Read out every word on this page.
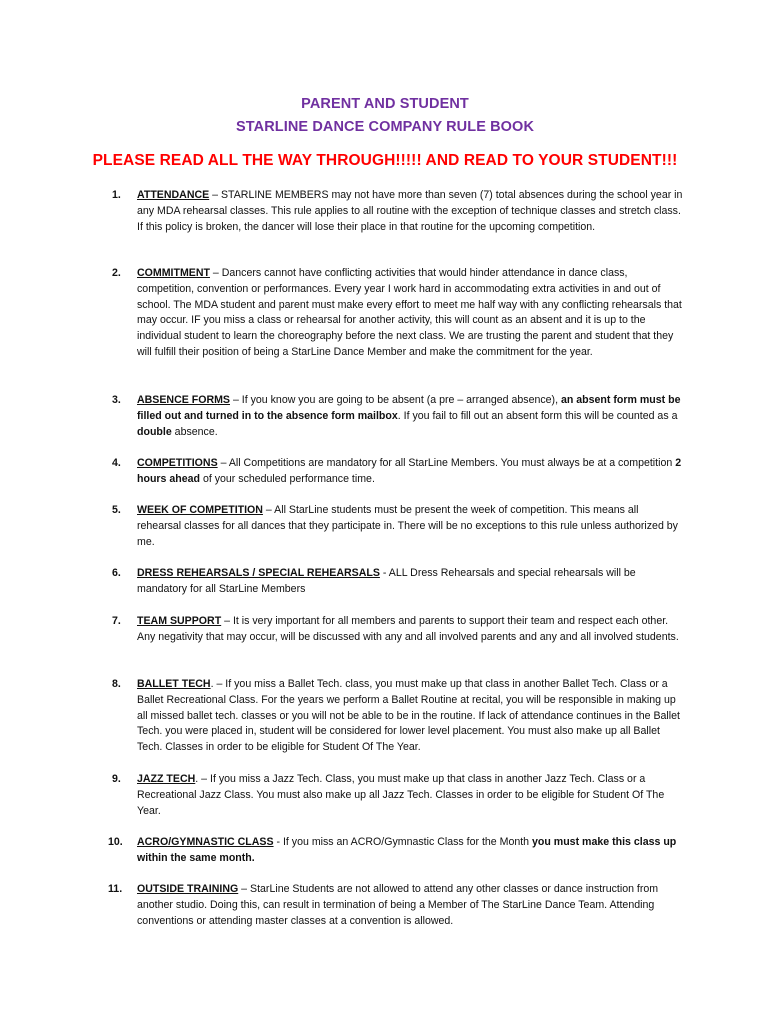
PARENT AND STUDENT
STARLINE DANCE COMPANY RULE BOOK
PLEASE READ ALL THE WAY THROUGH!!!!! AND READ TO YOUR STUDENT!!!
1. ATTENDANCE – STARLINE MEMBERS may not have more than seven (7) total absences during the school year in any MDA rehearsal classes. This rule applies to all routine with the exception of technique classes and stretch class. If this policy is broken, the dancer will lose their place in that routine for the upcoming competition.
2. COMMITMENT – Dancers cannot have conflicting activities that would hinder attendance in dance class, competition, convention or performances. Every year I work hard in accommodating extra activities in and out of school. The MDA student and parent must make every effort to meet me half way with any conflicting rehearsals that may occur. IF you miss a class or rehearsal for another activity, this will count as an absent and it is up to the individual student to learn the choreography before the next class. We are trusting the parent and student that they will fulfill their position of being a StarLine Dance Member and make the commitment for the year.
3. ABSENCE FORMS – If you know you are going to be absent (a pre – arranged absence), an absent form must be filled out and turned in to the absence form mailbox. If you fail to fill out an absent form this will be counted as a double absence.
4. COMPETITIONS – All Competitions are mandatory for all StarLine Members. You must always be at a competition 2 hours ahead of your scheduled performance time.
5. WEEK OF COMPETITION – All StarLine students must be present the week of competition. This means all rehearsal classes for all dances that they participate in. There will be no exceptions to this rule unless authorized by me.
6. DRESS REHEARSALS / SPECIAL REHEARSALS - ALL Dress Rehearsals and special rehearsals will be mandatory for all StarLine Members
7. TEAM SUPPORT – It is very important for all members and parents to support their team and respect each other. Any negativity that may occur, will be discussed with any and all involved parents and any and all involved students.
8. BALLET TECH. – If you miss a Ballet Tech. class, you must make up that class in another Ballet Tech. Class or a Ballet Recreational Class. For the years we perform a Ballet Routine at recital, you will be responsible in making up all missed ballet tech. classes or you will not be able to be in the routine. If lack of attendance continues in the Ballet Tech. you were placed in, student will be considered for lower level placement. You must also make up all Ballet Tech. Classes in order to be eligible for Student Of The Year.
9. JAZZ TECH. – If you miss a Jazz Tech. Class, you must make up that class in another Jazz Tech. Class or a Recreational Jazz Class. You must also make up all Jazz Tech. Classes in order to be eligible for Student Of The Year.
10. ACRO/GYMNASTIC CLASS - If you miss an ACRO/Gymnastic Class for the Month you must make this class up within the same month.
11. OUTSIDE TRAINING – StarLine Students are not allowed to attend any other classes or dance instruction from another studio. Doing this, can result in termination of being a Member of The StarLine Dance Team. Attending conventions or attending master classes at a convention is allowed.
